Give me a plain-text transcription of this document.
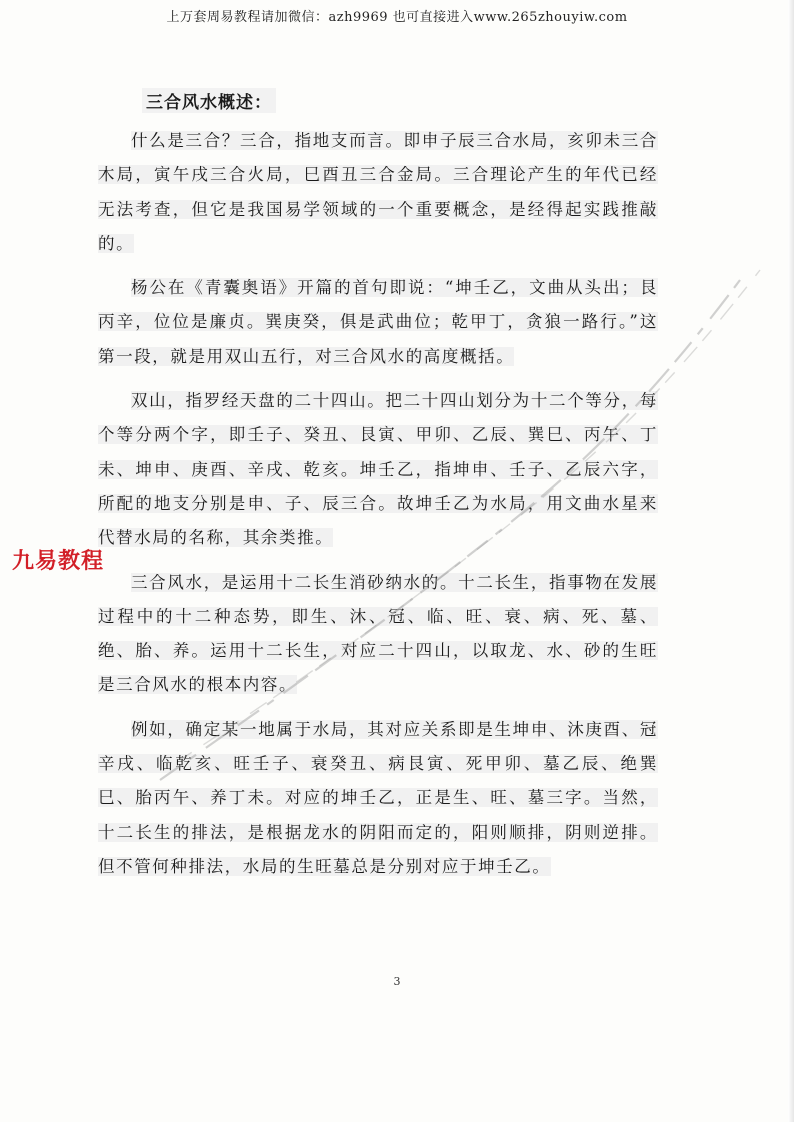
上万套周易教程请加微信：azh9969 也可直接进入www.265zhouyiw.com
三合风水概述：

什么是三合？三合，指地支而言。即申子辰三合水局，亥卯未三合木局，寅午戌三合火局，巳酉丑三合金局。三合理论产生的年代已经无法考查，但它是我国易学领域的一个重要概念，是经得起实践推敲的。

杨公在《青囊奥语》开篇的首句即说：“坤壬乙，文曲从头出；艮丙辛，位位是廉贞。巽庚癸，俱是武曲位；乾甲丁，贪狼一路行。”这第一段，就是用双山五行，对三合风水的高度概括。

双山，指罗经天盘的二十四山。把二十四山划分为十二个等分，每个等分两个字，即壬子、癸丑、艮寅、甲卯、乙辰、巽巳、丙午、丁未、坤申、庚酉、辛戌、乾亥。坤壬乙，指坤申、壬子、乙辰六字，所配的地支分别是申、子、辰三合。故坤壬乙为水局，用文曲水星来代替水局的名称，其余类推。

三合风水，是运用十二长生消砂纳水的。十二长生，指事物在发展过程中的十二种态势，即生、沐、冠、临、旺、衰、病、死、墓、绝、胎、养。运用十二长生，对应二十四山，以取龙、水、砂的生旺是三合风水的根本内容。

例如，确定某一地属于水局，其对应关系即是生坤申、沐庚酉、冠辛戌、临乾亥、旺壬子、衰癸丑、病艮寅、死甲卯、墓乙辰、绝巽巳、胎丙午、养丁未。对应的坤壬乙，正是生、旺、墓三字。当然，十二长生的排法，是根据龙水的阴阳而定的，阳则顺排，阴则逆排。但不管何种排法，水局的生旺墓总是分别对应于坤壬乙。

九易教程
3
